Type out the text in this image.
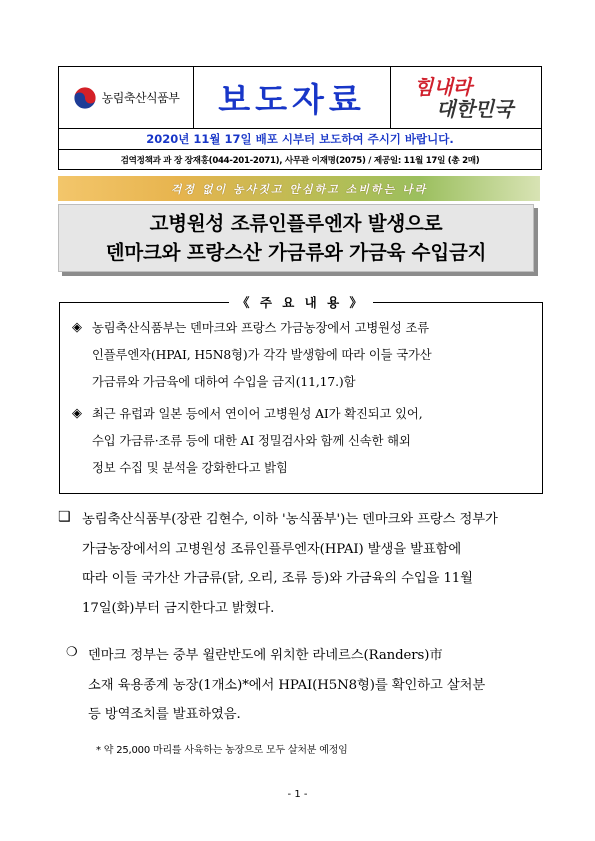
농림축산식품부 보도자료 힘내라
대한민국
2020년 11월 17일 배포 시부터 보도하여 주시기 바랍니다.
검역정책과 과 장 장재홍(044-201-2071), 사무관 이재명(2075) / 제공일: 11월 17일 (총 2매)
걱정 없이 농사짓고 안심하고 소비하는 나라
고병원성 조류인플루엔자 발생으로
덴마크와 프랑스산 가금류와 가금육 수입금지
《 주 요 내 용 》
◈ 농림축산식품부는 덴마크와 프랑스 가금농장에서 고병원성 조류
인플루엔자(HPAI, H5N8형)가 각각 발생함에 따라 이들 국가산
가금류와 가금육에 대하여 수입을 금지(11,17.)함
◈ 최근 유럽과 일본 등에서 연이어 고병원성 AI가 확진되고 있어,
수입 가금류·조류 등에 대한 AI 정밀검사와 함께 신속한 해외
정보 수집 및 분석을 강화한다고 밝힘
❑ 농림축산식품부(장관 김현수, 이하 '농식품부')는 덴마크와 프랑스 정부가
가금농장에서의 고병원성 조류인플루엔자(HPAI) 발생을 발표함에
따라 이들 국가산 가금류(닭, 오리, 조류 등)와 가금육의 수입을 11월
17일(화)부터 금지한다고 밝혔다.
❍ 덴마크 정부는 중부 윌란반도에 위치한 라네르스(Randers)市
소재 육용종계 농장(1개소)*에서 HPAI(H5N8형)를 확인하고 살처분
등 방역조치를 발표하였음.
* 약 25,000 마리를 사육하는 농장으로 모두 살처분 예정임
- 1 -
